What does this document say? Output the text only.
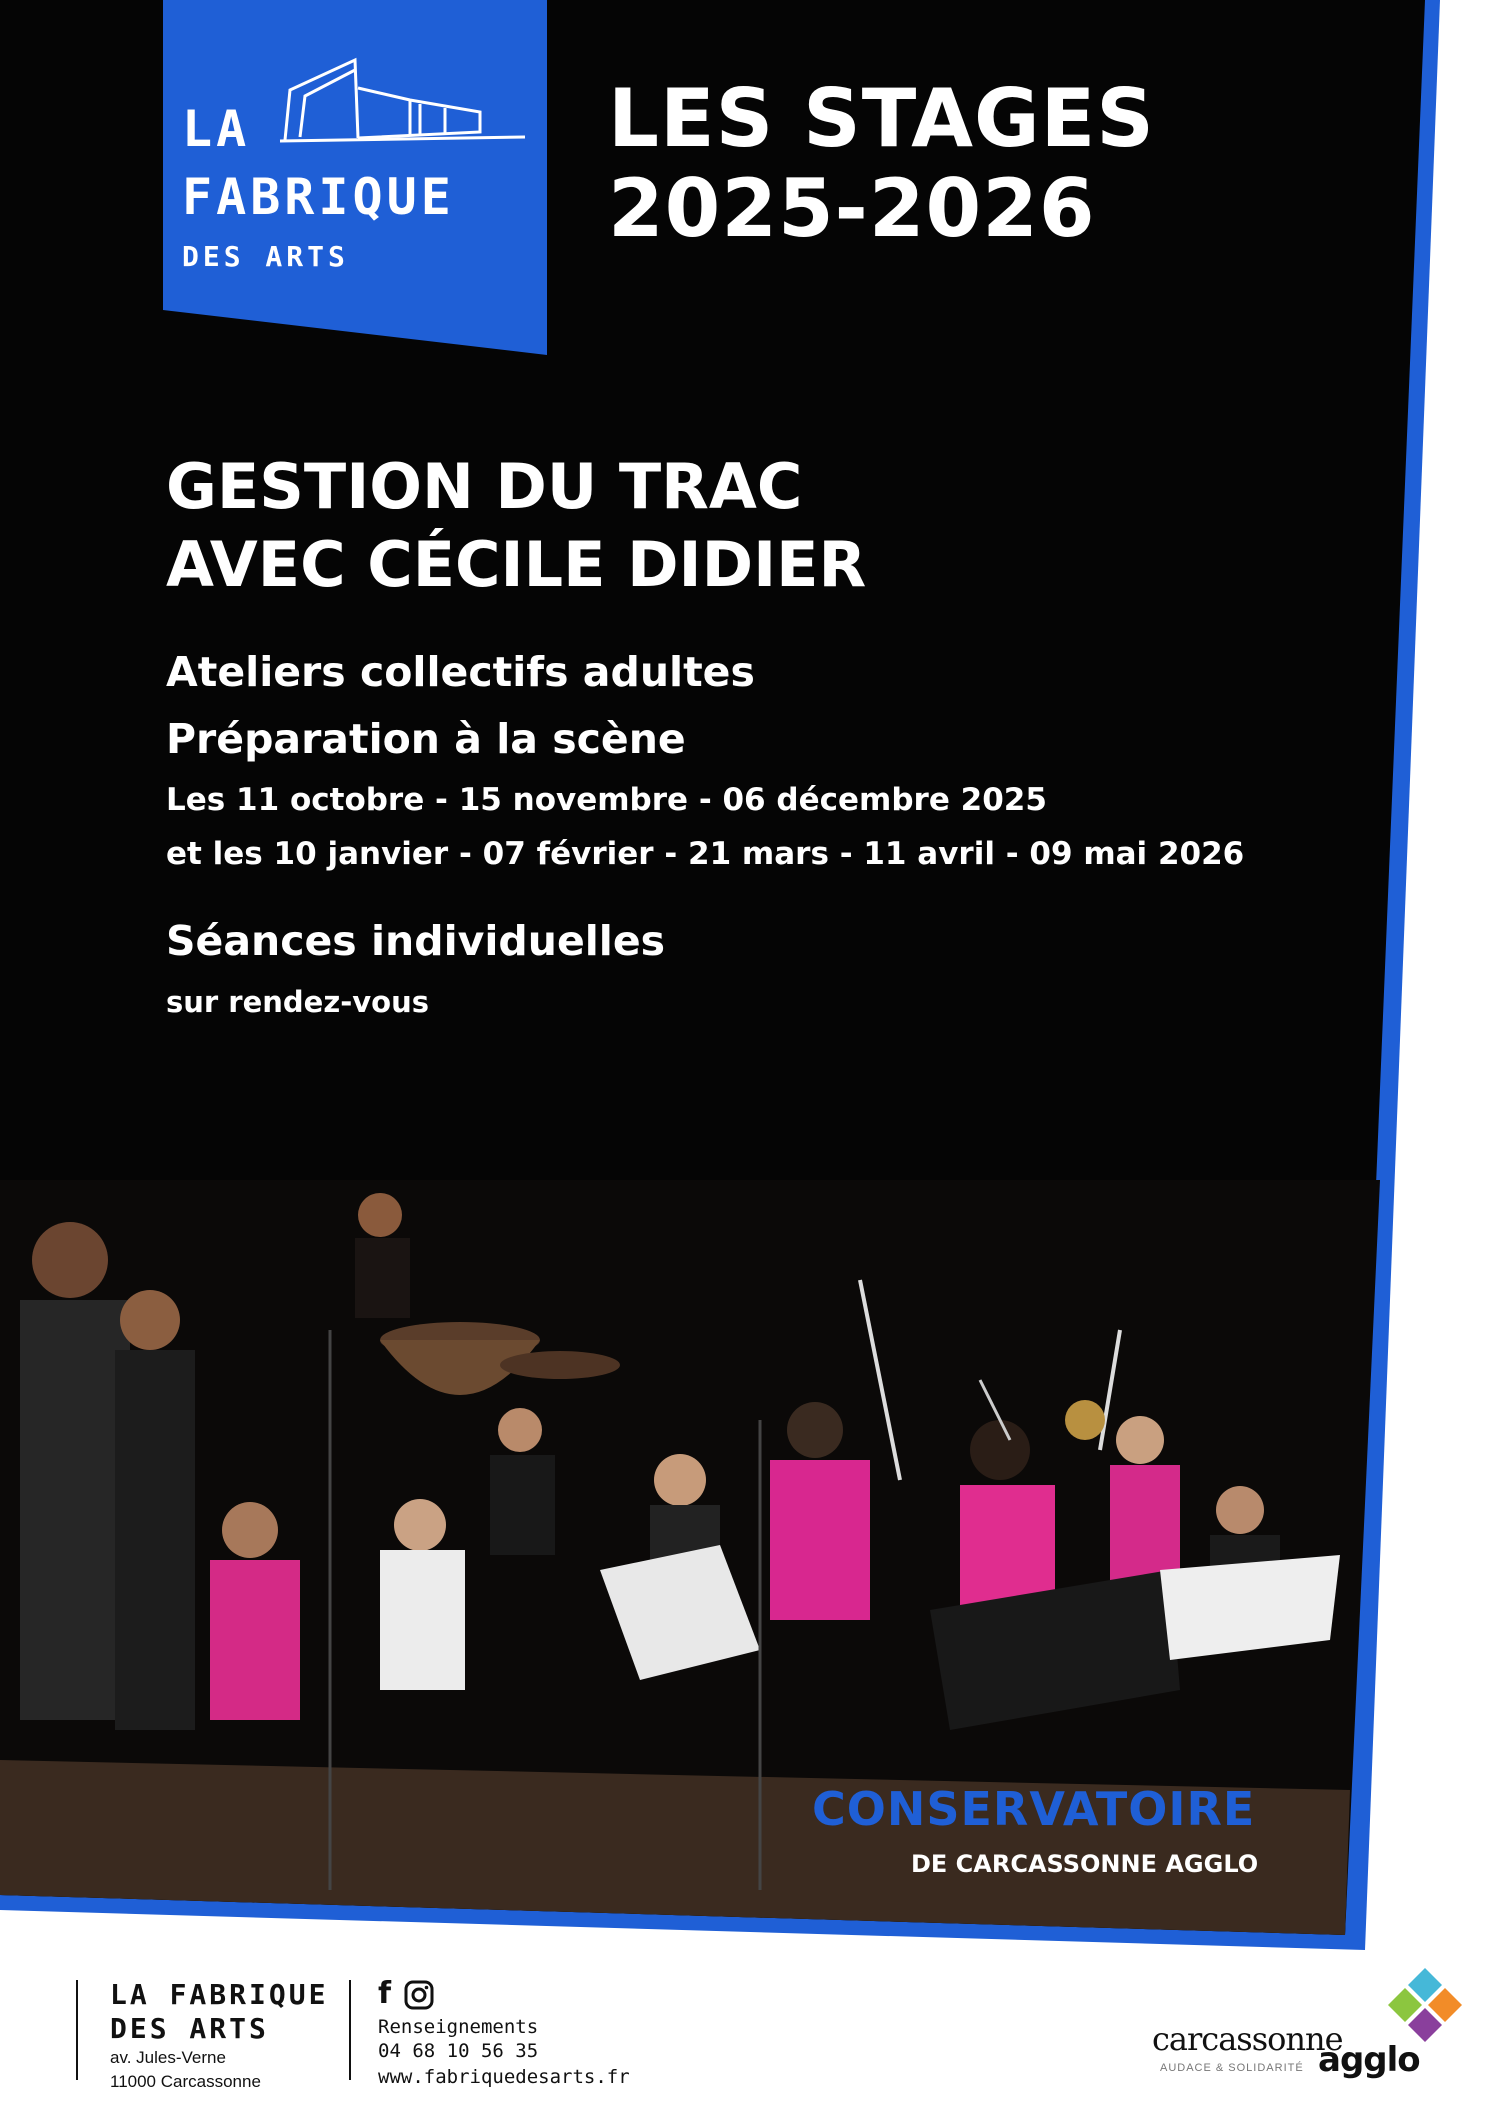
LA
FABRIQUE
DES ARTS
LES STAGES
2025-2026
GESTION DU TRAC
AVEC CÉCILE DIDIER
Ateliers collectifs adultes
Préparation à la scène
Les 11 octobre - 15 novembre - 06 décembre 2025
et les 10 janvier - 07 février - 21 mars - 11 avril - 09 mai 2026
Séances individuelles
sur rendez-vous
CONSERVATOIRE
DE CARCASSONNE AGGLO
LA FABRIQUE
DES ARTS
av. Jules-Verne
11000 Carcassonne
f
Renseignements
04 68 10 56 35
www.fabriquedesarts.fr
carcassonne
agglo
AUDACE & SOLIDARITÉ
